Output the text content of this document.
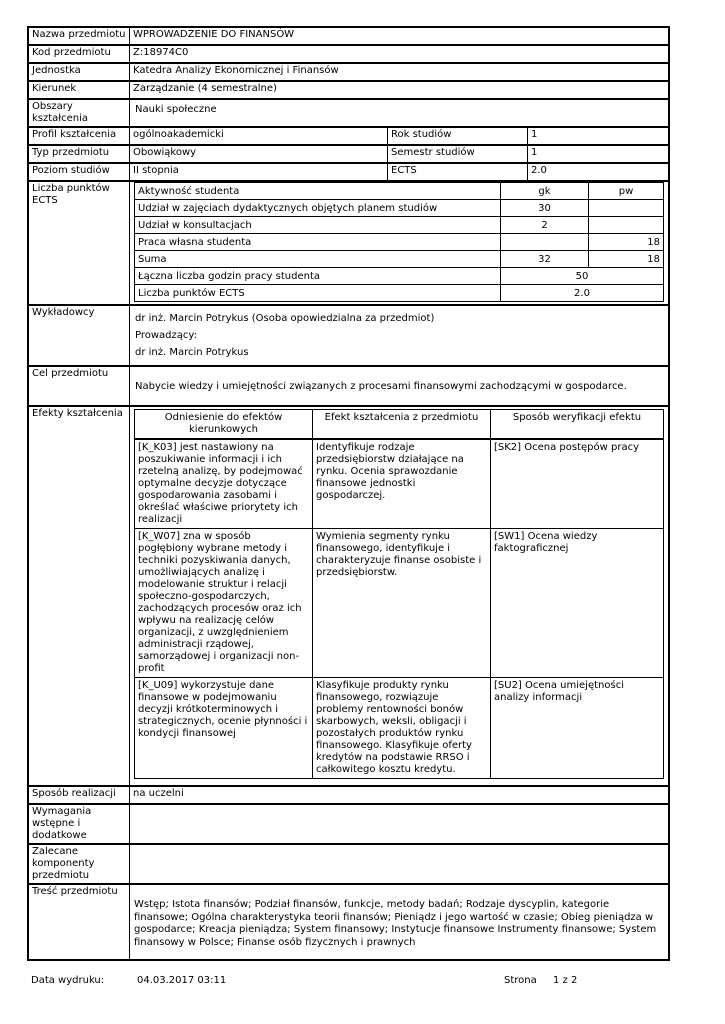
Nazwa przedmiotu	WPROWADZENIE DO FINANSÓW
Kod przedmiotu	Z:18974C0
Jednostka	Katedra Analizy Ekonomicznej i Finansów
Kierunek	Zarządzanie (4 semestralne)
Obszary kształcenia	Nauki społeczne
Profil kształcenia	ogólnoakademicki	Rok studiów	1

Typ przedmiotu	Obowiąkowy	Semestr studiów	1

Poziom studiów	II stopnia	ECTS	2.0

Liczba punktów ECTS	
Aktywność studenta	gk	pw
Udział w zajęciach dydaktycznych objętych planem studiów	30	
Udział w konsultacjach	2	
Praca własna studenta		18
Suma	32	18
Łączna liczba godzin pracy studenta	50
Liczba punktów ECTS	2.0

Wykładowcy	
dr inż. Marcin Potrykus (Osoba opowiedzialna za przedmiot)
Prowadzący:
dr inż. Marcin Potrykus

Cel przedmiotu	Nabycie wiedzy i umiejętności związanych z procesami finansowymi zachodzącymi w gospodarce.
Efekty kształcenia		Odniesienie do efektów kierunkowych	Efekt kształcenia z przedmiotu	Sposób weryfikacji efektu
[K_K03] jest nastawiony na poszukiwanie informacji i ich rzetelną analizę, by podejmować optymalne decyzje dotyczące gospodarowania zasobami i określać właściwe priorytety ich realizacji	Identyfikuje rodzaje przedsiębiorstw działające na rynku. Ocenia sprawozdanie finansowe jednostki gospodarczej.	[SK2] Ocena postępów pracy
[K_W07] zna w sposób pogłębiony wybrane metody i techniki pozyskiwania danych, umożliwiających analizę i modelowanie struktur i relacji społeczno-gospodarczych, zachodzących procesów oraz ich wpływu na realizację celów organizacji, z uwzględnieniem administracji rządowej, samorządowej i organizacji non-profit	Wymienia segmenty rynku finansowego, identyfikuje i charakteryzuje finanse osobiste i przedsiębiorstw.	[SW1] Ocena wiedzy faktograficznej
[K_U09] wykorzystuje dane finansowe w podejmowaniu decyzji krótkoterminowych i strategicznych, ocenie płynności i kondycji finansowej	Klasyfikuje produkty rynku finansowego, rozwiązuje problemy rentowności bonów skarbowych, weksli, obligacji i pozostałych produktów rynku finansowego. Klasyfikuje oferty kredytów na podstawie RRSO i całkowitego kosztu kredytu.	[SU2] Ocena umiejętności analizy informacji

Sposób realizacji	na uczelni
Wymagania wstępne i dodatkowe	
Zalecane komponenty przedmiotu	
Treść przedmiotu	Wstęp; Istota finansów; Podział finansów, funkcje, metody badań; Rodzaje dyscyplin, kategorie finansowe; Ogólna charakterystyka teorii finansów; Pieniądz i jego wartość w czasie; Obieg pieniądza w gospodarce; Kreacja pieniądza; System finansowy; Instytucje finansowe Instrumenty finansowe; System finansowy w Polsce; Finanse osób fizycznych i prawnych
Data wydruku:	04.03.2017 03:11	Strona 1 z 2
